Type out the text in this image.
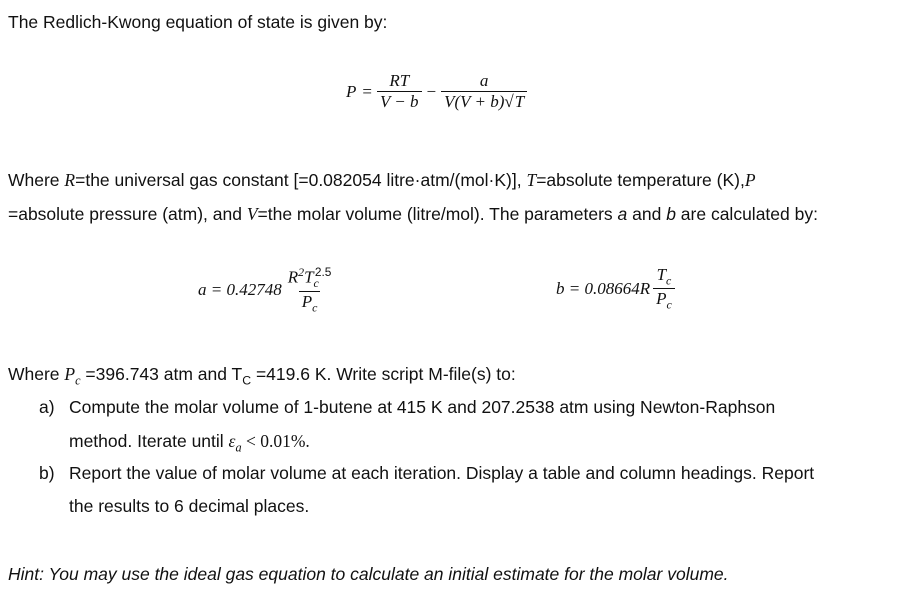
The Redlich-Kwong equation of state is given by:
$P = \frac{RT}{V - b} - \frac{a}{V(V + b)√T}$
Where R=the universal gas constant [=0.082054 litre·atm/(mol·K)], T=absolute temperature (K),P
=absolute pressure (atm), and V=the molar volume (litre/mol). The parameters a and b are calculated by:
$a = 0.42748 \frac{R^2T_c^{2.5}}{P_c}$	$b = 0.08664R \frac{T_c}{P_c}$
Where $P_c =396.743$ atm and $T_C =419.6$ K. Write script M-file(s) to:
a) Compute the molar volume of 1-butene at 415 K and 207.2538 atm using Newton-Raphson
method. Iterate until $\varepsilon_a < 0.01\%$.
b) Report the value of molar volume at each iteration. Display a table and column headings. Report
the results to 6 decimal places.
Hint: You may use the ideal gas equation to calculate an initial estimate for the molar volume.
